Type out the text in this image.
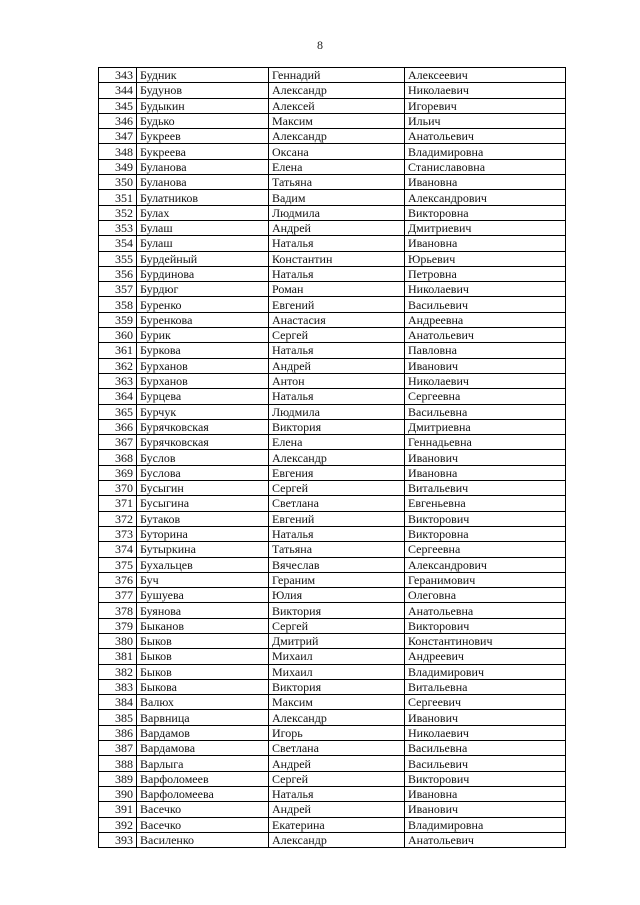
8
343	Будник	Геннадий	Алексеевич
344	Будунов	Александр	Николаевич
345	Будыкин	Алексей	Игоревич
346	Будько	Максим	Ильич
347	Букреев	Александр	Анатольевич
348	Букреева	Оксана	Владимировна
349	Буланова	Елена	Станиславовна
350	Буланова	Татьяна	Ивановна
351	Булатников	Вадим	Александрович
352	Булах	Людмила	Викторовна
353	Булаш	Андрей	Дмитриевич
354	Булаш	Наталья	Ивановна
355	Бурдейный	Константин	Юрьевич
356	Бурдинова	Наталья	Петровна
357	Бурдюг	Роман	Николаевич
358	Буренко	Евгений	Васильевич
359	Буренкова	Анастасия	Андреевна
360	Бурик	Сергей	Анатольевич
361	Буркова	Наталья	Павловна
362	Бурханов	Андрей	Иванович
363	Бурханов	Антон	Николаевич
364	Бурцева	Наталья	Сергеевна
365	Бурчук	Людмила	Васильевна
366	Бурячковская	Виктория	Дмитриевна
367	Бурячковская	Елена	Геннадьевна
368	Буслов	Александр	Иванович
369	Буслова	Евгения	Ивановна
370	Бусыгин	Сергей	Витальевич
371	Бусыгина	Светлана	Евгеньевна
372	Бутаков	Евгений	Викторович
373	Буторина	Наталья	Викторовна
374	Бутыркина	Татьяна	Сергеевна
375	Бухальцев	Вячеслав	Александрович
376	Буч	Гераним	Геранимович
377	Бушуева	Юлия	Олеговна
378	Буянова	Виктория	Анатольевна
379	Быканов	Сергей	Викторович
380	Быков	Дмитрий	Константинович
381	Быков	Михаил	Андреевич
382	Быков	Михаил	Владимирович
383	Быкова	Виктория	Витальевна
384	Валюх	Максим	Сергеевич
385	Варвница	Александр	Иванович
386	Вардамов	Игорь	Николаевич
387	Вардамова	Светлана	Васильевна
388	Варлыга	Андрей	Васильевич
389	Варфоломеев	Сергей	Викторович
390	Варфоломеева	Наталья	Ивановна
391	Васечко	Андрей	Иванович
392	Васечко	Екатерина	Владимировна
393	Василенко	Александр	Анатольевич
